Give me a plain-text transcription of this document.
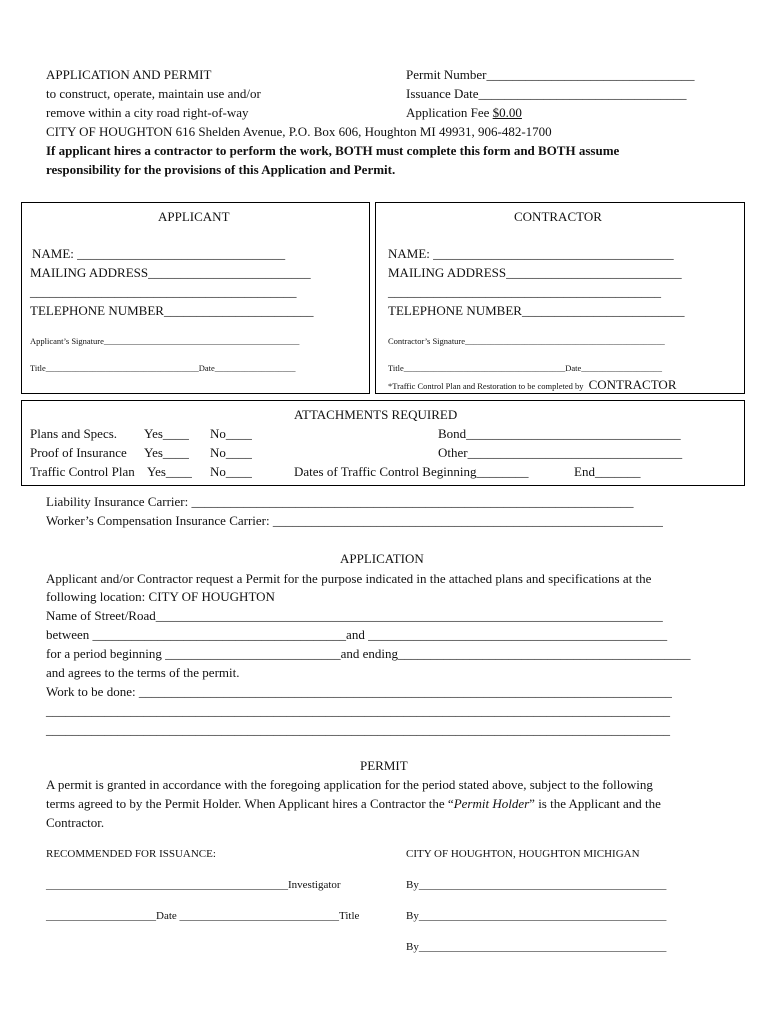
APPLICATION AND PERMIT
to construct, operate, maintain use and/or
remove within a city road right-of-way
CITY OF HOUGHTON 616 Shelden Avenue, P.O. Box 606, Houghton MI 49931, 906-482-1700
Permit Number________________________________
Issuance Date________________________________
Application Fee $0.00
If applicant hires a contractor to perform the work, BOTH must complete this form and BOTH assume
responsibility for the provisions of this Application and Permit.
APPLICANT
NAME: ________________________________
MAILING ADDRESS_________________________
_________________________________________
TELEPHONE NUMBER_______________________
Applicant’s Signature______________________________________________
Title____________________________________Date___________________
CONTRACTOR
NAME: _____________________________________
MAILING ADDRESS___________________________
__________________________________________
TELEPHONE NUMBER_________________________
Contractor’s Signature_______________________________________________
Title______________________________________Date___________________
*Traffic Control Plan and Restoration to be completed by CONTRACTOR
ATTACHMENTS REQUIRED
Plans and Specs.
Proof of Insurance
Traffic Control Plan
Yes____
Yes____
Yes____
No____
No____
No____
Bond_________________________________
Other_________________________________
Dates of Traffic Control Beginning________	End_______
Liability Insurance Carrier: ____________________________________________________________________
Worker’s Compensation Insurance Carrier: ____________________________________________________________
APPLICATION
Applicant and/or Contractor request a Permit for the purpose indicated in the attached plans and specifications at the
following location: CITY OF HOUGHTON
Name of Street/Road______________________________________________________________________________
between _______________________________________and ______________________________________________
for a period beginning ___________________________and ending_____________________________________________
and agrees to the terms of the permit.
Work to be done: __________________________________________________________________________________
________________________________________________________________________________________________
________________________________________________________________________________________________
PERMIT
A permit is granted in accordance with the foregoing application for the period stated above, subject to the following
terms agreed to by the Permit Holder. When Applicant hires a Contractor the “Permit Holder” is the Applicant and the
Contractor.
RECOMMENDED FOR ISSUANCE:	CITY OF HOUGHTON, HOUGHTON MICHIGAN
____________________________________________Investigator
____________________Date _____________________________Title
By_____________________________________________
By_____________________________________________
By_____________________________________________
